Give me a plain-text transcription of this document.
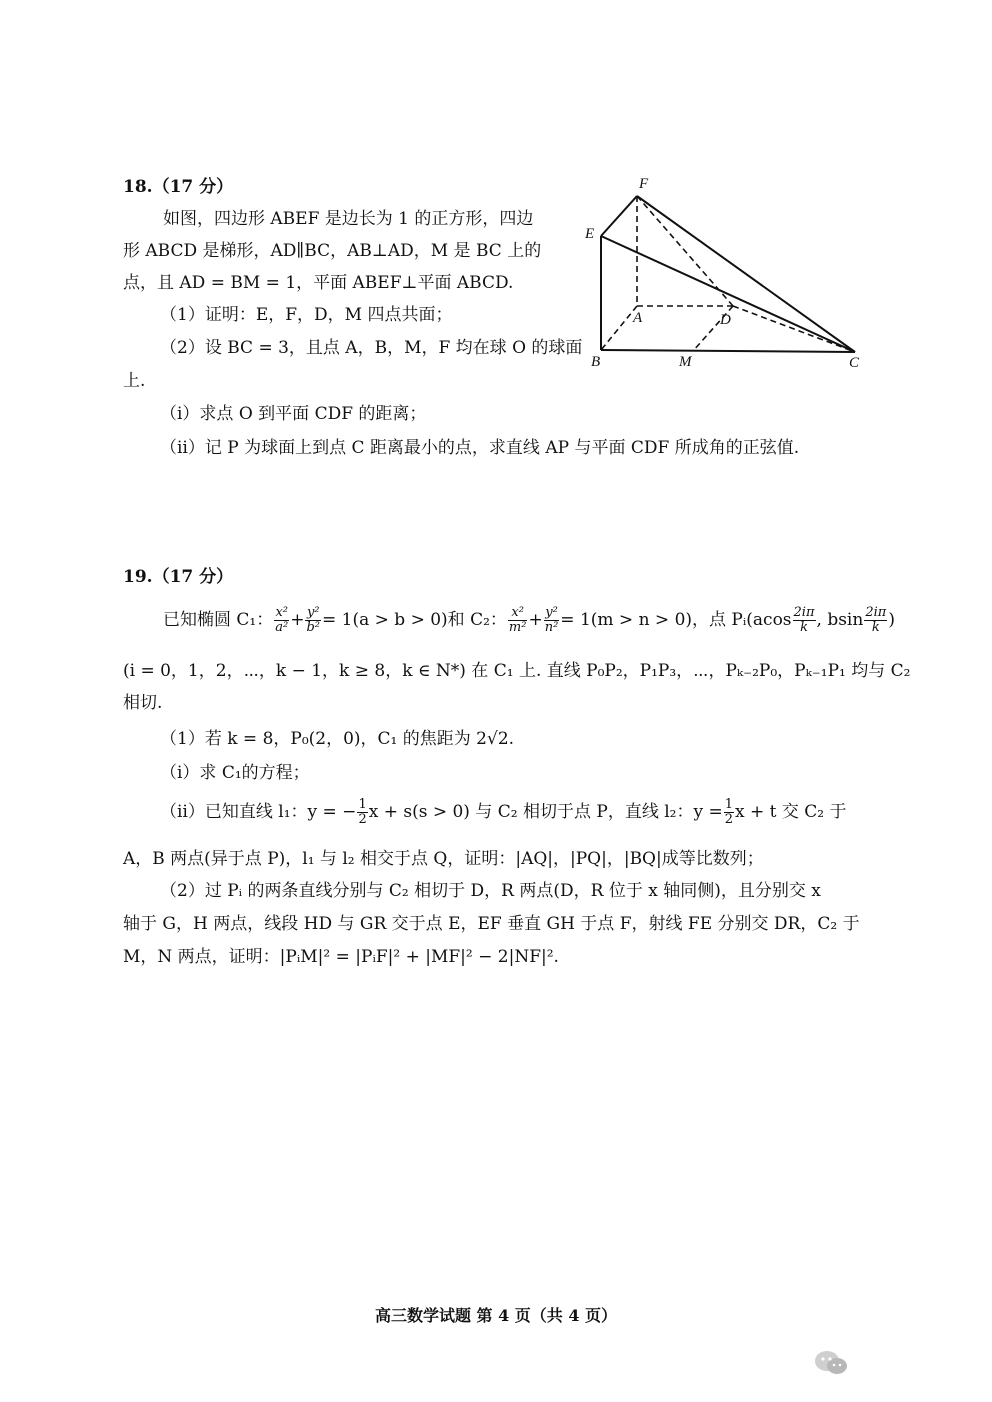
18.（17 分）
如图，四边形 ABEF 是边长为 1 的正方形，四边
形 ABCD 是梯形，AD∥BC，AB⊥AD，M 是 BC 上的
点，且 AD = BM = 1，平面 ABEF⊥平面 ABCD.
（1）证明：E，F，D，M 四点共面；
（2）设 BC = 3，且点 A，B，M，F 均在球 O 的球面
上.
（ⅰ）求点 O 到平面 CDF 的距离；
（ⅱ）记 P 为球面上到点 C 距离最小的点，求直线 AP 与平面 CDF 所成角的正弦值.
F
E
A	D
B	M	C
19.（17 分）
已知椭圆 C₁： $\frac{\text{x²}}{\text{a²}} + \frac{\text{y²}}{\text{b²}} = 1(a > b > 0)$和 C₂： $\frac{\text{x²}}{\text{m²}} + \frac{\text{y²}}{\text{n²}} = 1(m > n > 0)$，点 Pᵢ(acos $\frac{2i\pi}{k}$ , bsin $\frac{2i\pi}{k}$ )
(i = 0，1，2，⋯，k − 1，k ≥ 8，k ∈ N*) 在 C₁ 上. 直线 P₀P₂，P₁P₃，⋯，Pₖ₋₂P₀，Pₖ₋₁P₁ 均与 C₂
相切.
（1）若 k = 8，P₀(2，0)，C₁ 的焦距为 2√2.
（ⅰ）求 C₁的方程；
（ⅱ）已知直线 l₁：y = − $\frac{1}{2}$ x + s(s > 0) 与 C₂ 相切于点 P，直线 l₂：$y = \frac{1}{2}$ x + t 交 C₂ 于
A，B 两点(异于点 P)，l₁ 与 l₂ 相交于点 Q，证明：|AQ|，|PQ|，|BQ|成等比数列；
（2）过 Pᵢ 的两条直线分别与 C₂ 相切于 D，R 两点(D，R 位于 x 轴同侧)，且分别交 x
轴于 G，H 两点，线段 HD 与 GR 交于点 E，EF 垂直 GH 于点 F，射线 FE 分别交 DR，C₂ 于
M，N 两点，证明：|PᵢM|² = |PᵢF|² + |MF|² − 2|NF|².
高三数学试题 第 4 页（共 4 页）
